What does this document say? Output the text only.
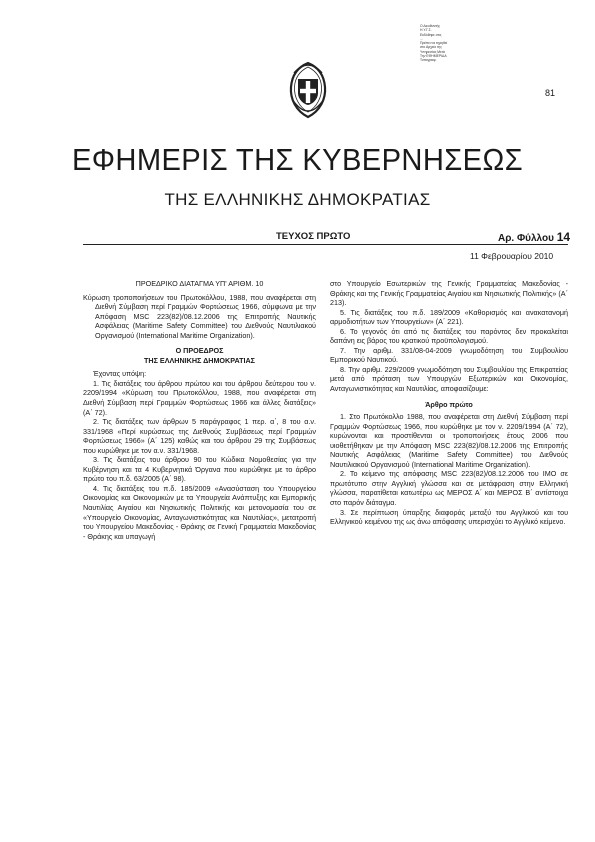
Ο Διευθυντής
Η.Υ.Γ.Σ.
Εκδόθηκε στις
...
Πρέπει να τηρηθεί
στο Αρχείο της
Υπηρεσίας Μετά
Την ΕΦΗΜΕΡΙΔΑ
Τυπογραφ.
81
ΕΦΗΜΕΡΙΣ ΤΗΣ ΚΥΒΕΡΝΗΣΕΩΣ
ΤΗΣ ΕΛΛΗΝΙΚΗΣ ΔΗΜΟΚΡΑΤΙΑΣ
ΤΕΥΧΟΣ ΠΡΩΤΟ	Αρ. Φύλλου 14
11 Φεβρουαρίου 2010

ΠΡΟΕΔΡΙΚΟ ΔΙΑΤΑΓΜΑ ΥΠ' ΑΡΙΘΜ. 10

Κύρωση τροποποιήσεων του Πρωτοκόλλου, 1988, που αναφέρεται στη Διεθνή Σύμβαση περί Γραμμών Φορτώσεως 1966, σύμφωνα με την Απόφαση MSC 223(82)/08.12.2006 της Επιτροπής Ναυτικής Ασφάλειας (Maritime Safety Committee) του Διεθνούς Ναυτιλιακού Οργανισμού (International Maritime Organization).

Ο ΠΡΟΕΔΡΟΣ

ΤΗΣ ΕΛΛΗΝΙΚΗΣ ΔΗΜΟΚΡΑΤΙΑΣ

Έχοντας υπόψη:

1. Τις διατάξεις του άρθρου πρώτου και του άρθρου δεύτερου του ν. 2209/1994 «Κύρωση του Πρωτοκόλλου, 1988, που αναφέρεται στη Διεθνή Σύμβαση περί Γραμμών Φορτώσεως 1966 και άλλες διατάξεις» (Α΄ 72).

2. Τις διατάξεις των άρθρων 5 παράγραφος 1 περ. α΄, 8 του α.ν. 331/1968 «Περί κυρώσεως της Διεθνούς Συμβάσεως περί Γραμμών Φορτώσεως 1966» (Α΄ 125) καθώς και του άρθρου 29 της Συμβάσεως που κυρώθηκε με τον α.ν. 331/1968.

3. Τις διατάξεις του άρθρου 90 του Κώδικα Νομοθεσίας για την Κυβέρνηση και τα 4 Κυβερνητικά Όργανα που κυρώθηκε με το άρθρο πρώτο του π.δ. 63/2005 (Α΄ 98).

4. Τις διατάξεις του π.δ. 185/2009 «Ανασύσταση του Υπουργείου Οικονομίας και Οικονομικών με τα Υπουργεία Ανάπτυξης και Εμπορικής Ναυτιλίας Αιγαίου και Νησιωτικής Πολιτικής και μετονομασία του σε «Υπουργείο Οικονομίας, Ανταγωνιστικότητας και Ναυτιλίας», μετατροπή του Υπουργείου Μακεδονίας - Θράκης σε Γενική Γραμματεία Μακεδονίας - Θράκης και υπαγωγή

στο Υπουργείο Εσωτερικών της Γενικής Γραμματείας Μακεδονίας - Θράκης και της Γενικής Γραμματείας Αιγαίου και Νησιωτικής Πολιτικής» (Α΄ 213).

5. Τις διατάξεις του π.δ. 189/2009 «Καθορισμός και ανακατανομή αρμοδιοτήτων των Υπουργείων» (Α΄ 221).

6. Το γεγονός ότι από τις διατάξεις του παρόντος δεν προκαλείται δαπάνη εις βάρος του κρατικού προϋπολογισμού.

7. Την αριθμ. 331/08-04-2009 γνωμοδότηση του Συμβουλίου Εμπορικού Ναυτικού.

8. Την αριθμ. 229/2009 γνωμοδότηση του Συμβουλίου της Επικρατείας μετά από πρόταση των Υπουργών Εξωτερικών και Οικονομίας, Ανταγωνιστικότητας και Ναυτιλίας, αποφασίζουμε:

Άρθρο πρώτο

1. Στο Πρωτόκολλο 1988, που αναφέρεται στη Διεθνή Σύμβαση περί Γραμμών Φορτώσεως 1966, που κυρώθηκε με τον ν. 2209/1994 (Α΄ 72), κυρώνονται και προστίθενται οι τροποποιήσεις έτους 2006 που υιοθετήθηκαν με την Απόφαση MSC 223(82)/08.12.2006 της Επιτροπής Ναυτικής Ασφάλειας (Maritime Safety Committee) του Διεθνούς Ναυτιλιακού Οργανισμού (International Maritime Organization).

2. Το κείμενο της απόφασης MSC 223(82)/08.12.2006 του IMO σε πρωτότυπο στην Αγγλική γλώσσα και σε μετάφραση στην Ελληνική γλώσσα, παρατίθεται κατωτέρω ως ΜΕΡΟΣ Α΄ και ΜΕΡΟΣ Β΄ αντίστοιχα στο παρόν διάταγμα.

3. Σε περίπτωση ύπαρξης διαφοράς μεταξύ του Αγγλικού και του Ελληνικού κειμένου της ως άνω απόφασης υπερισχύει το Αγγλικό κείμενο.
